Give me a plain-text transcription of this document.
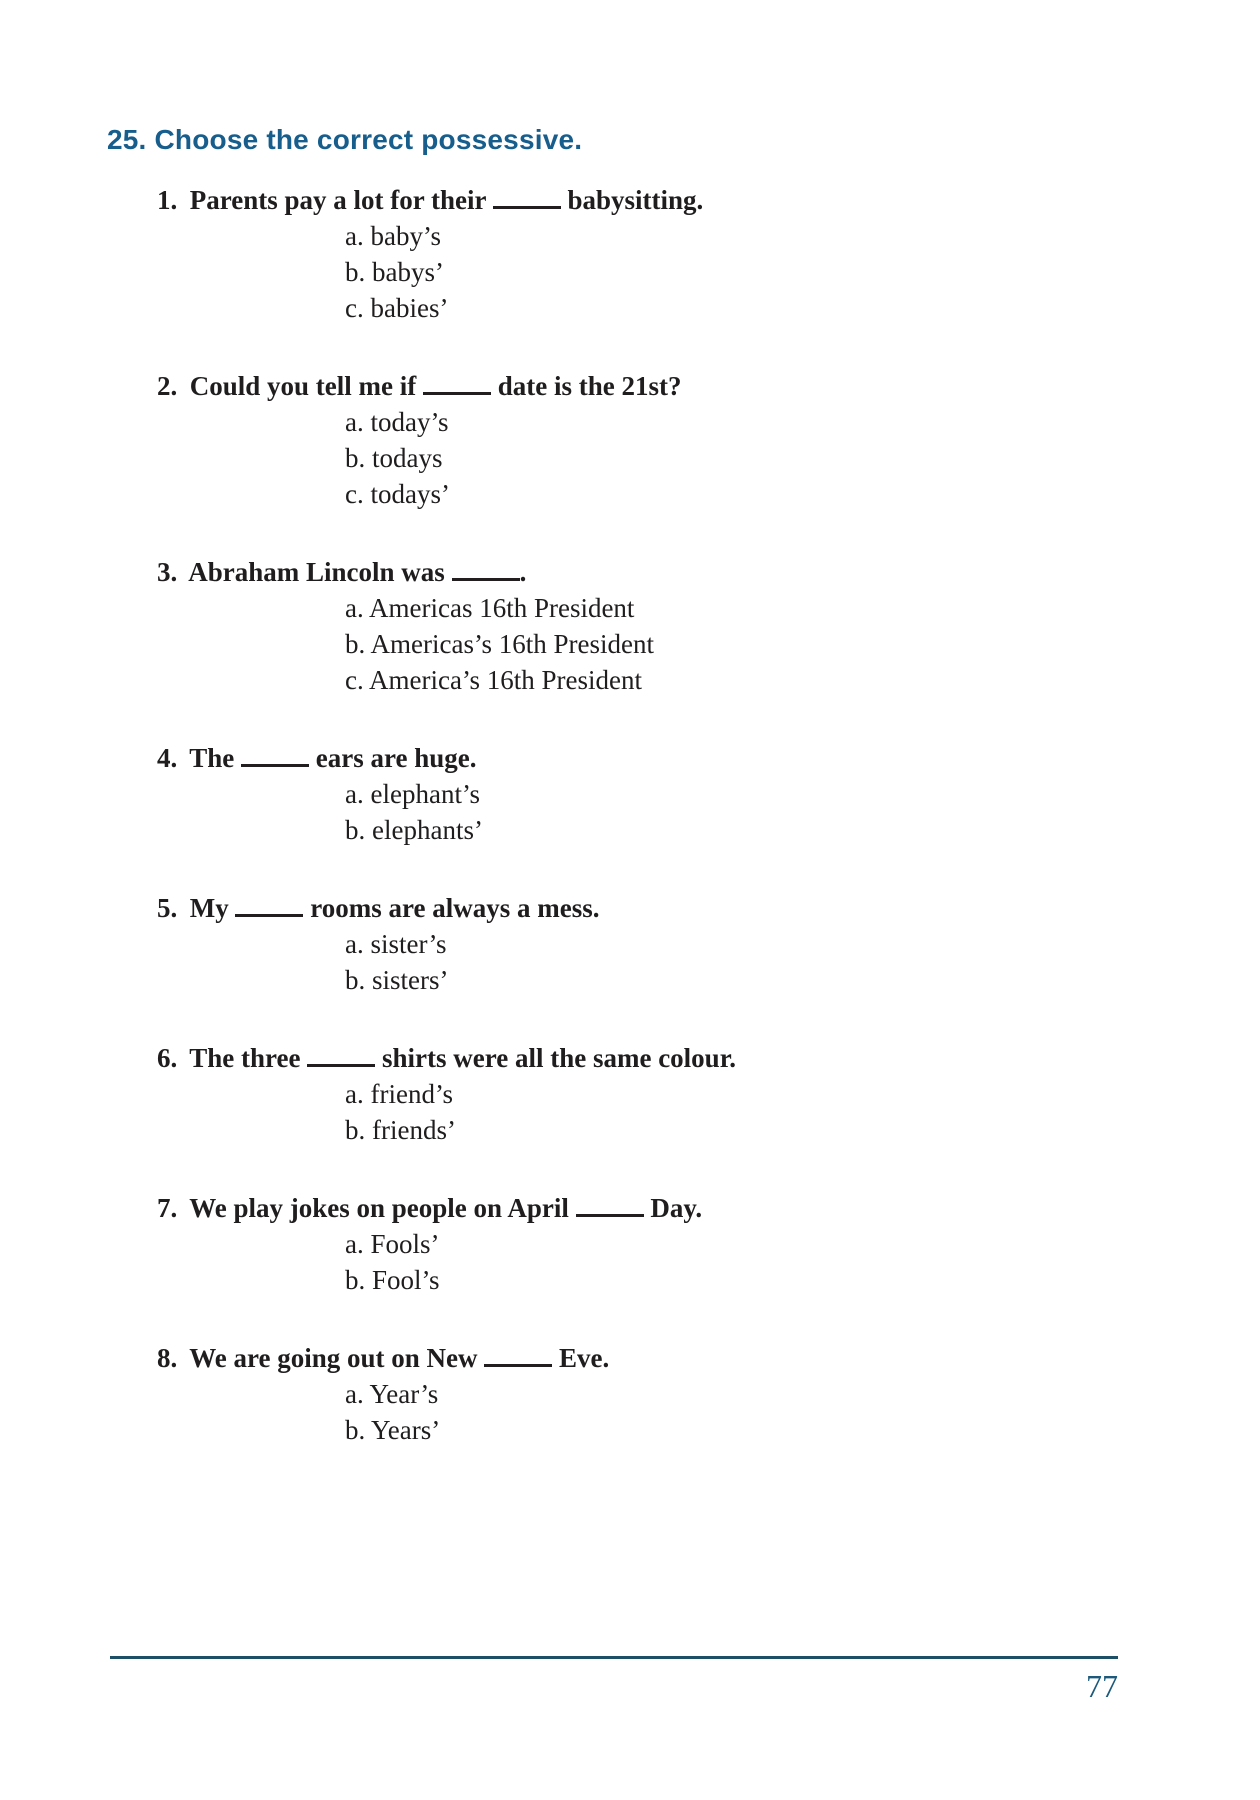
25. Choose the correct possessive.
1. Parents pay a lot for their	babysitting.
a. baby’s
b. babys’
c. babies’
2. Could you tell me if	date is the 21st?
a. today’s
b. todays
c. todays’
3. Abraham Lincoln was	.
a. Americas 16th President
b. Americas’s 16th President
c. America’s 16th President
4. The	ears are huge.
a. elephant’s
b. elephants’
5. My	rooms are always a mess.
a. sister’s
b. sisters’
6. The three	shirts were all the same colour.
a. friend’s
b. friends’
7. We play jokes on people on April	Day.
a. Fools’
b. Fool’s
8. We are going out on New	Eve.
a. Year’s
b. Years’
77
